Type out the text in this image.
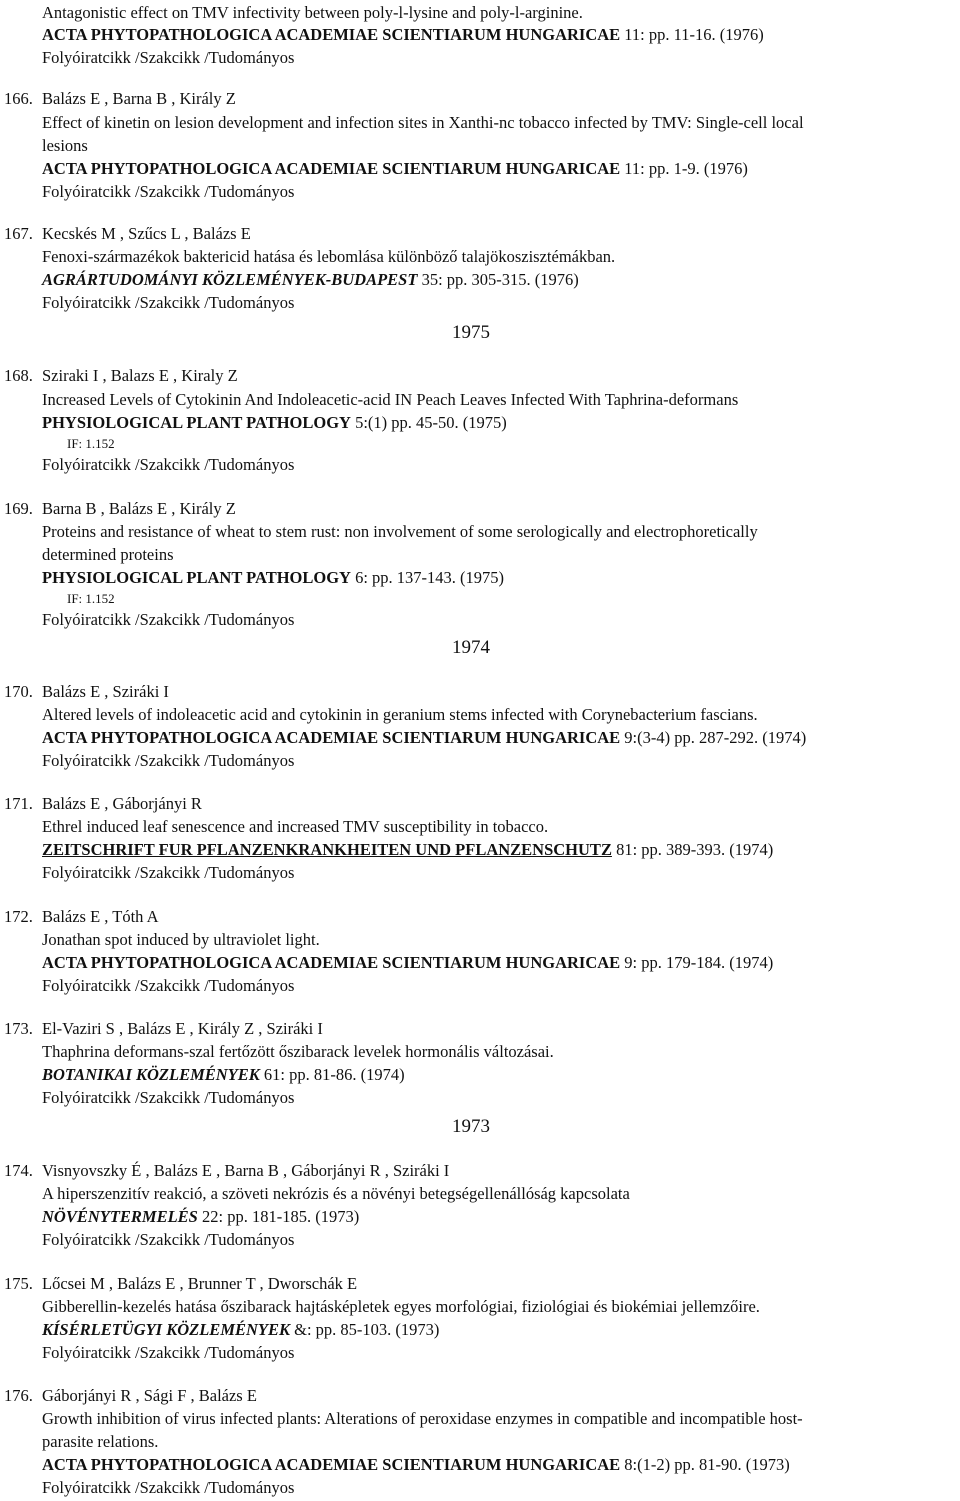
Antagonistic effect on TMV infectivity between poly-l-lysine and poly-l-arginine.
ACTA PHYTOPATHOLOGICA ACADEMIAE SCIENTIARUM HUNGARICAE 11: pp. 11-16. (1976)
Folyóiratcikk /Szakcikk /Tudományos
166. Balázs E , Barna B , Király Z
Effect of kinetin on lesion development and infection sites in Xanthi-nc tobacco infected by TMV: Single-cell local
lesions
ACTA PHYTOPATHOLOGICA ACADEMIAE SCIENTIARUM HUNGARICAE 11: pp. 1-9. (1976)
Folyóiratcikk /Szakcikk /Tudományos
167. Kecskés M , Szűcs L , Balázs E
Fenoxi-származékok baktericid hatása és lebomlása különböző talajökoszisztémákban.
AGRÁRTUDOMÁNYI KÖZLEMÉNYEK-BUDAPEST 35: pp. 305-315. (1976)
Folyóiratcikk /Szakcikk /Tudományos
1975
168. Sziraki I , Balazs E , Kiraly Z
Increased Levels of Cytokinin And Indoleacetic-acid IN Peach Leaves Infected With Taphrina-deformans
PHYSIOLOGICAL PLANT PATHOLOGY 5:(1) pp. 45-50. (1975)
IF: 1.152
Folyóiratcikk /Szakcikk /Tudományos
169. Barna B , Balázs E , Király Z
Proteins and resistance of wheat to stem rust: non involvement of some serologically and electrophoretically
determined proteins
PHYSIOLOGICAL PLANT PATHOLOGY 6: pp. 137-143. (1975)
IF: 1.152
Folyóiratcikk /Szakcikk /Tudományos
1974
170. Balázs E , Sziráki I
Altered levels of indoleacetic acid and cytokinin in geranium stems infected with Corynebacterium fascians.
ACTA PHYTOPATHOLOGICA ACADEMIAE SCIENTIARUM HUNGARICAE 9:(3-4) pp. 287-292. (1974)
Folyóiratcikk /Szakcikk /Tudományos
171. Balázs E , Gáborjányi R
Ethrel induced leaf senescence and increased TMV susceptibility in tobacco.
ZEITSCHRIFT FUR PFLANZENKRANKHEITEN UND PFLANZENSCHUTZ 81: pp. 389-393. (1974)
Folyóiratcikk /Szakcikk /Tudományos
172. Balázs E , Tóth A
Jonathan spot induced by ultraviolet light.
ACTA PHYTOPATHOLOGICA ACADEMIAE SCIENTIARUM HUNGARICAE 9: pp. 179-184. (1974)
Folyóiratcikk /Szakcikk /Tudományos
173. El-Vaziri S , Balázs E , Király Z , Sziráki I
Thaphrina deformans-szal fertőzött őszibarack levelek hormonális változásai.
BOTANIKAI KÖZLEMÉNYEK 61: pp. 81-86. (1974)
Folyóiratcikk /Szakcikk /Tudományos
1973
174. Visnyovszky É , Balázs E , Barna B , Gáborjányi R , Sziráki I
A hiperszenzitív reakció, a szöveti nekrózis és a növényi betegségellenállóság kapcsolata
NÖVÉNYTERMELÉS 22: pp. 181-185. (1973)
Folyóiratcikk /Szakcikk /Tudományos
175. Lőcsei M , Balázs E , Brunner T , Dworschák E
Gibberellin-kezelés hatása őszibarack hajtásképletek egyes morfológiai, fiziológiai és biokémiai jellemzőire.
KÍSÉRLETÜGYI KÖZLEMÉNYEK &: pp. 85-103. (1973)
Folyóiratcikk /Szakcikk /Tudományos
176. Gáborjányi R , Sági F , Balázs E
Growth inhibition of virus infected plants: Alterations of peroxidase enzymes in compatible and incompatible host-
parasite relations.
ACTA PHYTOPATHOLOGICA ACADEMIAE SCIENTIARUM HUNGARICAE 8:(1-2) pp. 81-90. (1973)
Folyóiratcikk /Szakcikk /Tudományos
